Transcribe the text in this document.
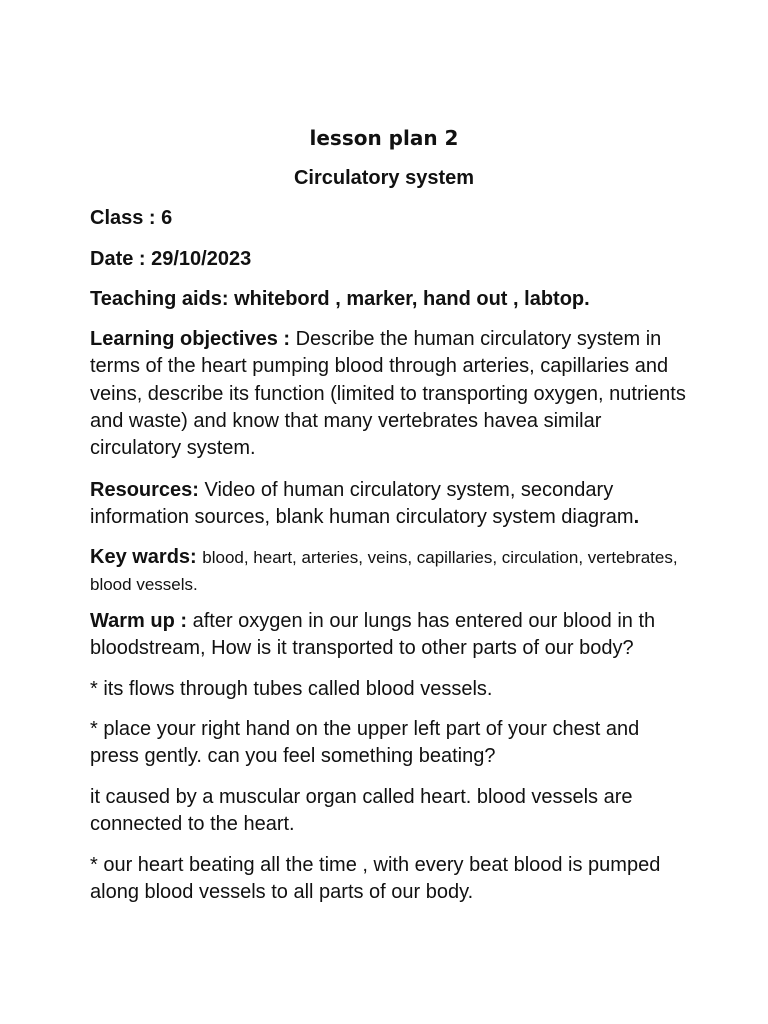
lesson plan 2
Circulatory system

Class : 6

Date : 29/10/2023

Teaching aids: whitebord , marker, hand out , labtop.

Learning objectives : Describe the human circulatory system in terms of the heart pumping blood through arteries, capillaries and veins, describe its function (limited to transporting oxygen, nutrients and waste) and know that many vertebrates havea similar circulatory system.

Resources: Video of human circulatory system, secondary information sources, blank human circulatory system diagram.

Key wards: blood, heart, arteries, veins, capillaries, circulation, vertebrates, blood vessels.

Warm up : after oxygen in our lungs has entered our blood in th bloodstream, How is it transported to other parts of our body?

* its flows through tubes called blood vessels.

* place your right hand on the upper left part of your chest and press gently. can you feel something beating?

it caused by a muscular organ called heart. blood vessels are connected to the heart.

* our heart beating all the time , with every beat blood is pumped along blood vessels to all parts of our body.
